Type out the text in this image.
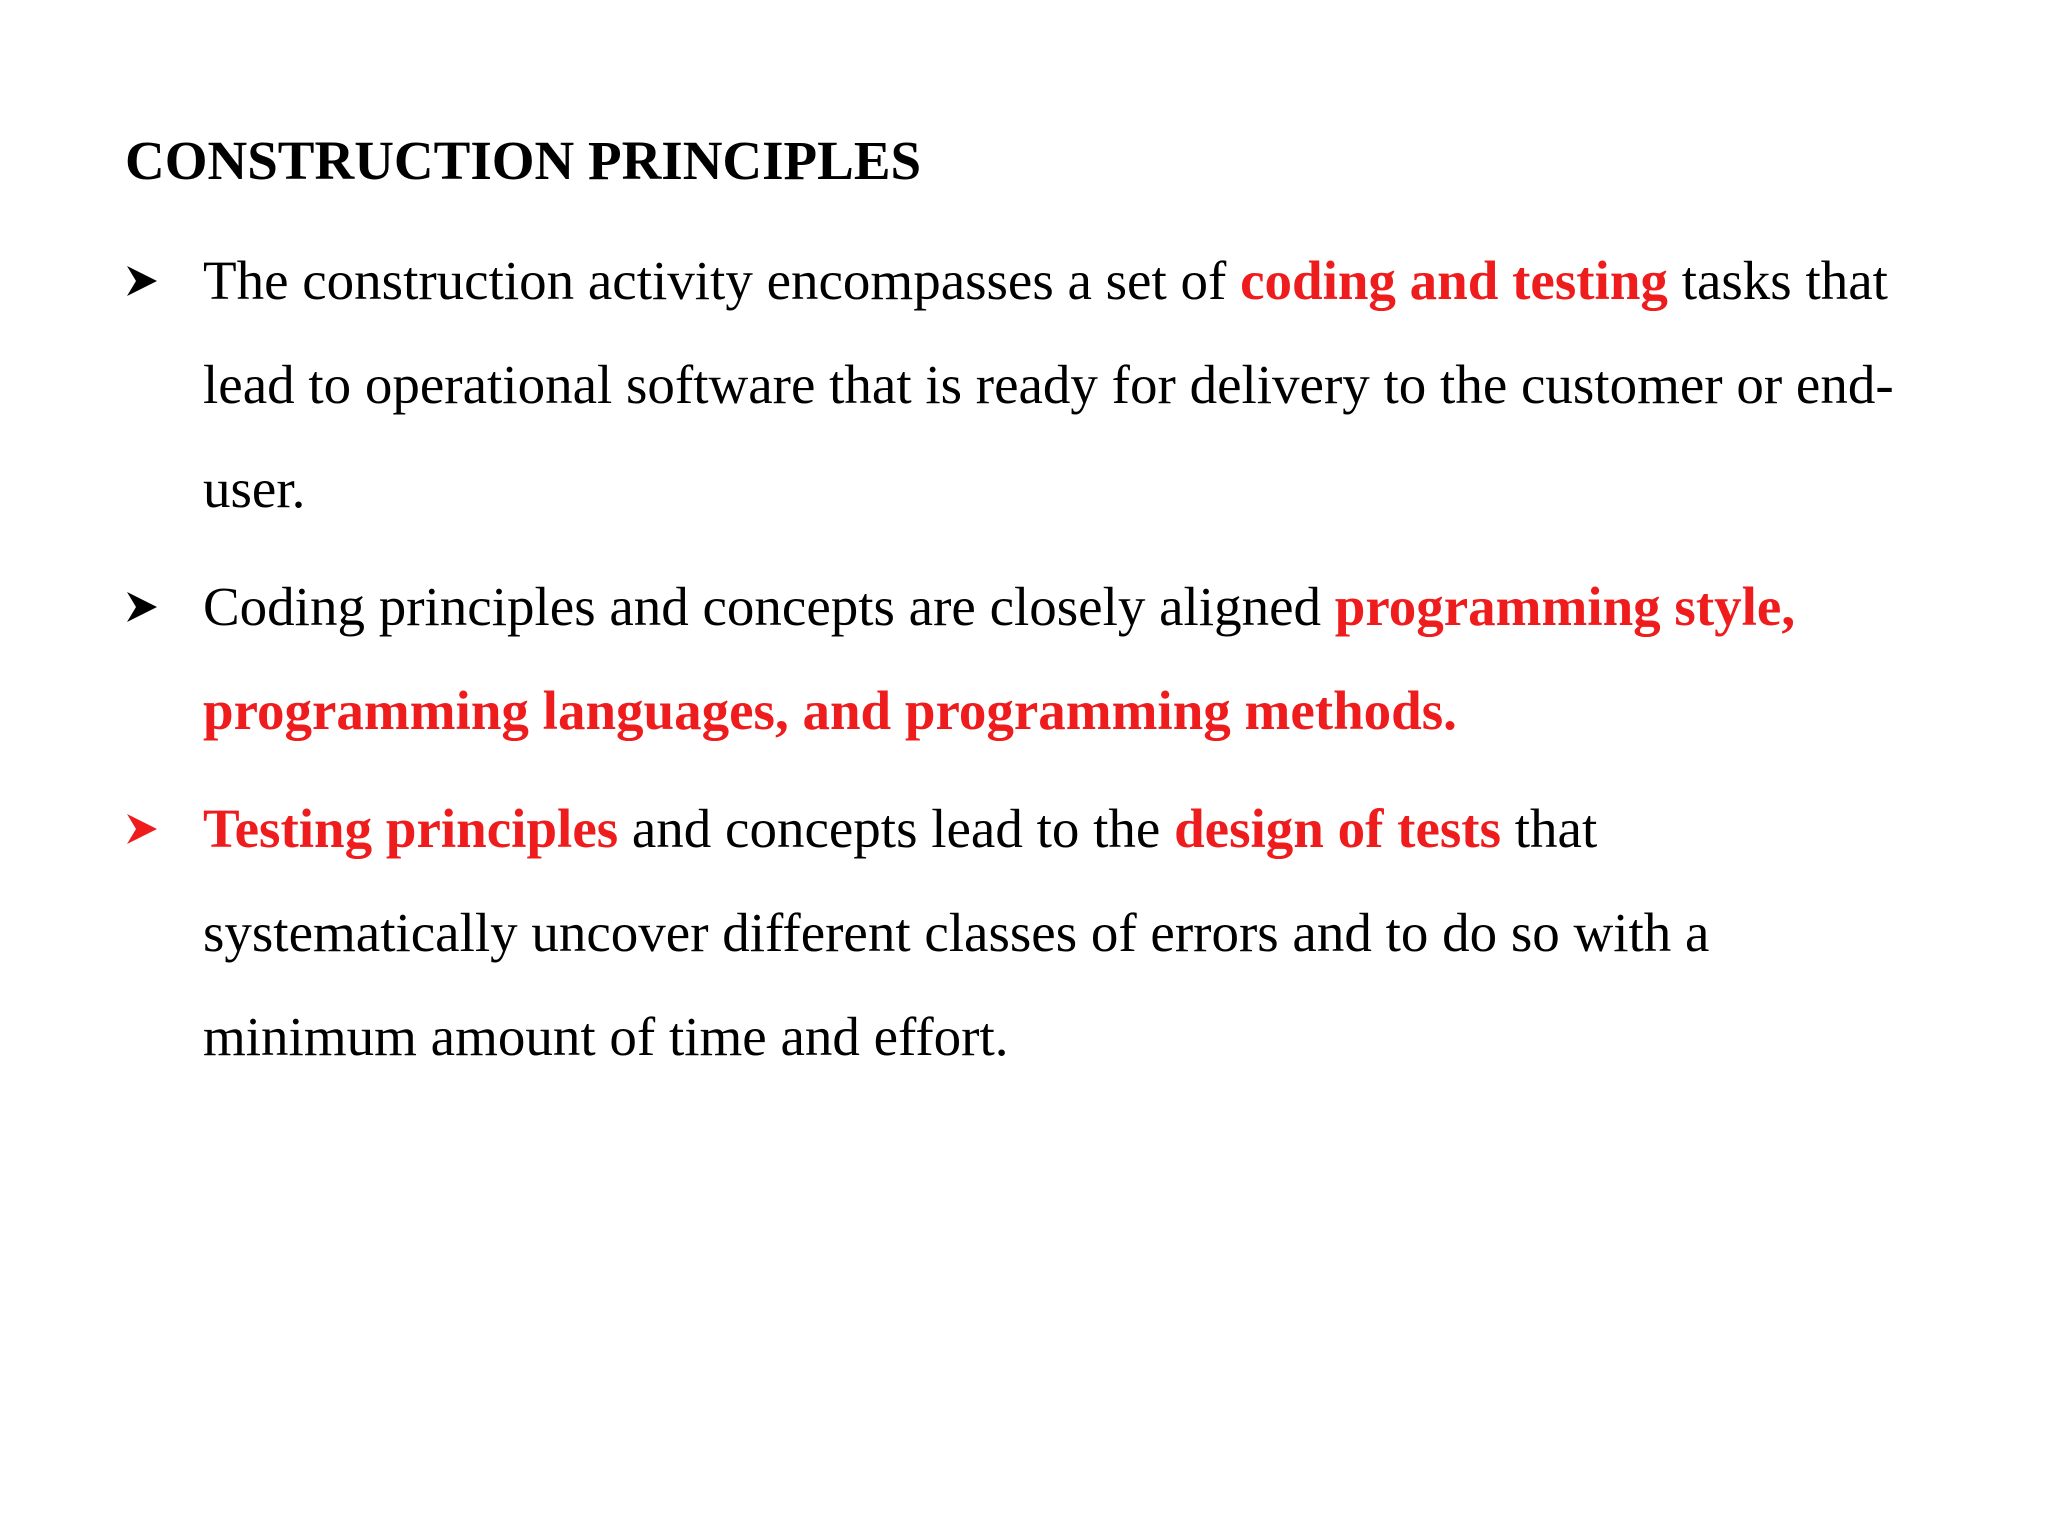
CONSTRUCTION PRINCIPLES
The construction activity encompasses a set of coding and testing tasks that lead to operational software that is ready for delivery to the customer or end-user.
Coding principles and concepts are closely aligned programming style, programming languages, and programming methods.
Testing principles and concepts lead to the design of tests that systematically uncover different classes of errors and to do so with a minimum amount of time and effort.
